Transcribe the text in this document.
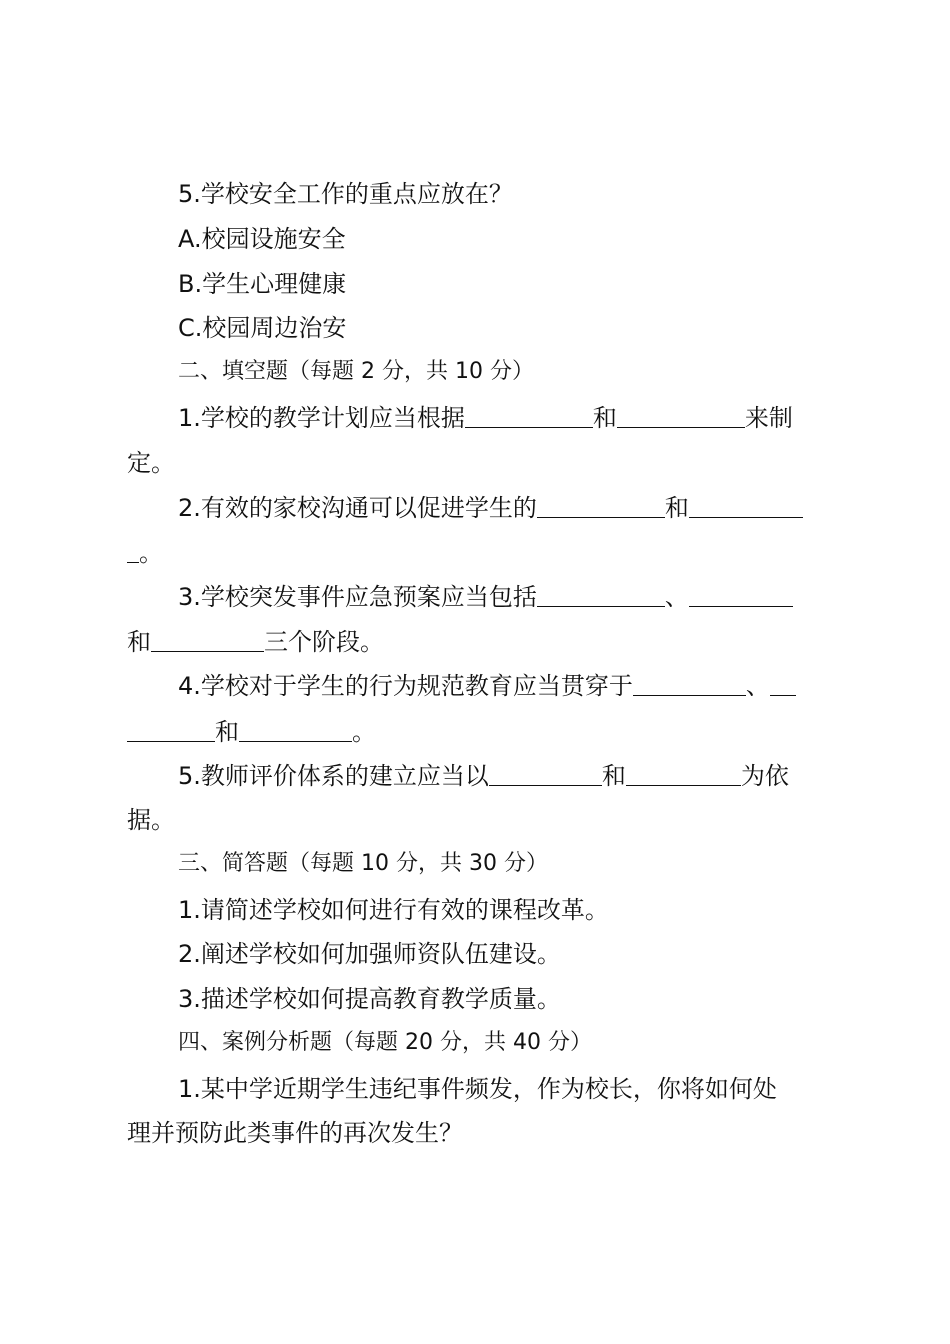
5.学校安全工作的重点应放在？
A.校园设施安全
B.学生心理健康
C.校园周边治安
二、填空题（每题 2 分，共 10 分）
1.学校的教学计划应当根据	和	来制
定。
2.有效的家校沟通可以促进学生的	和
。
3.学校突发事件应急预案应当包括	、
和	三个阶段。
4.学校对于学生的行为规范教育应当贯穿于	、
和	。
5.教师评价体系的建立应当以	和	为依
据。
三、简答题（每题 10 分，共 30 分）
1.请简述学校如何进行有效的课程改革。
2.阐述学校如何加强师资队伍建设。
3.描述学校如何提高教育教学质量。
四、案例分析题（每题 20 分，共 40 分）
1.某中学近期学生违纪事件频发，作为校长，你将如何处
理并预防此类事件的再次发生？
